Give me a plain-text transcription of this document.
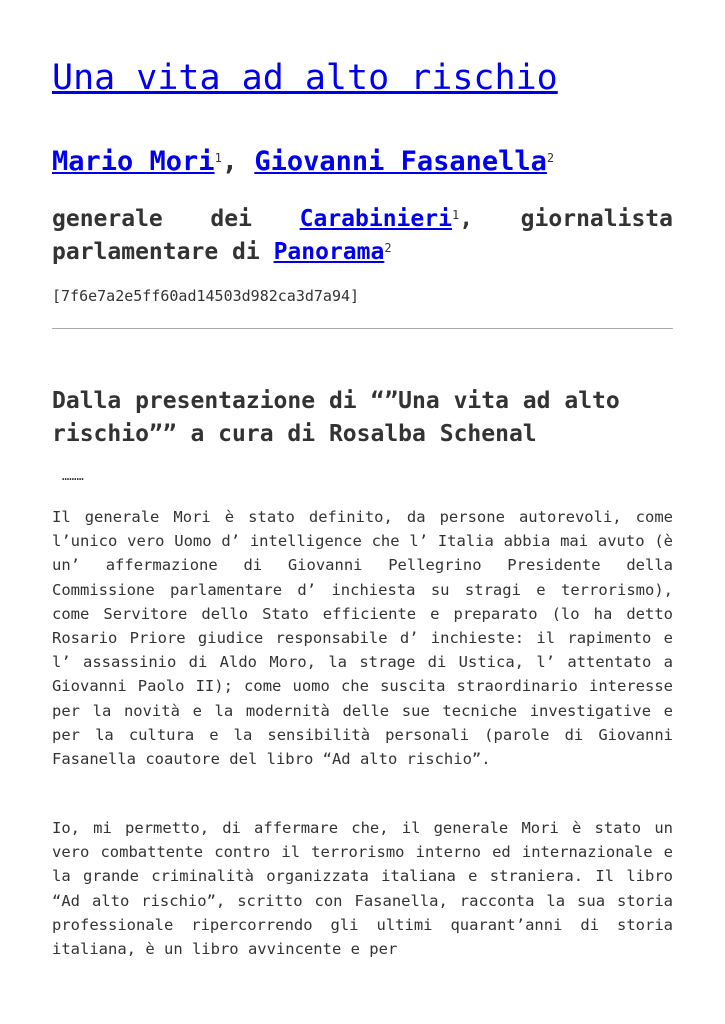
Una vita ad alto rischio
Mario Mori$^1$, Giovanni Fasanella$^2$
generale dei Carabinieri$^1$, giornalista parlamentare di Panorama$^2$
[7f6e7a2e5ff60ad14503d982ca3d7a94]
Dalla presentazione di “”Una vita ad alto rischio”” a cura di Rosalba Schenal
………

Il generale Mori è stato definito, da persone autorevoli, come l’unico vero Uomo d’ intelligence che l’ Italia abbia mai avuto (è un’ affermazione di Giovanni Pellegrino Presidente della Commissione parlamentare d’ inchiesta su stragi e terrorismo), come Servitore dello Stato efficiente e preparato (lo ha detto Rosario Priore giudice responsabile d’ inchieste: il rapimento e l’ assassinio di Aldo Moro, la strage di Ustica, l’ attentato a Giovanni Paolo II); come uomo che suscita straordinario interesse per la novità e la modernità delle sue tecniche investigative e per la cultura e la sensibilità personali (parole di Giovanni Fasanella coautore del libro “Ad alto rischio”.

Io, mi permetto, di affermare che, il generale Mori è stato un vero combattente contro il terrorismo interno ed internazionale e la grande criminalità organizzata italiana e straniera. Il libro “Ad alto rischio”, scritto con Fasanella, racconta la sua storia professionale ripercorrendo gli ultimi quarant’anni di storia italiana, è un libro avvincente e per
